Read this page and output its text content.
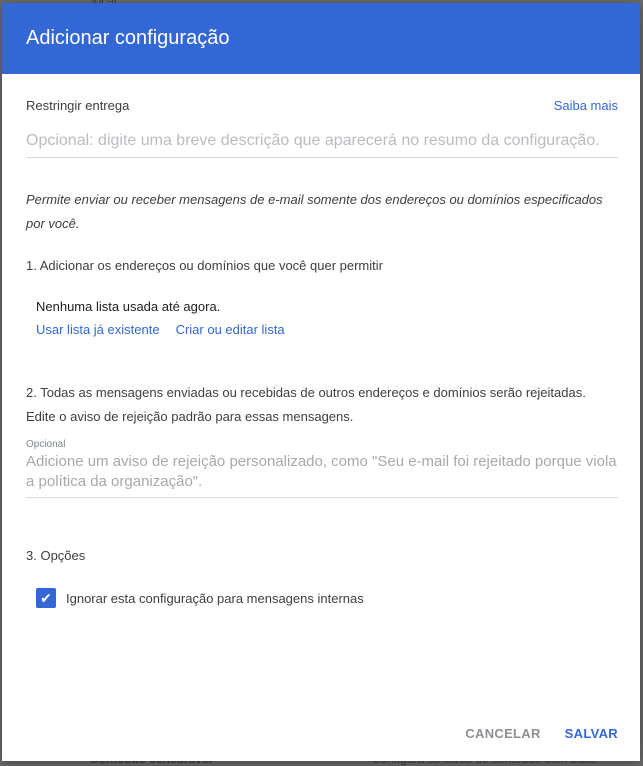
Adicionar configuração
Restringir entrega	Saiba mais
Opcional: digite uma breve descrição que aparecerá no resumo da configuração.
Permite enviar ou receber mensagens de e-mail somente dos endereços ou domínios especificados por você.
1. Adicionar os endereços ou domínios que você quer permitir
Nenhuma lista usada até agora.
Usar lista já existente Criar ou editar lista
2. Todas as mensagens enviadas ou recebidas de outros endereços e domínios serão rejeitadas. Edite o aviso de rejeição padrão para essas mensagens.
Opcional
Adicione um aviso de rejeição personalizado, como "Seu e-mail foi rejeitado porque viola a política da organização".
3. Opções
✔ Ignorar esta configuração para mensagens internas
CANCELAR SALVAR
